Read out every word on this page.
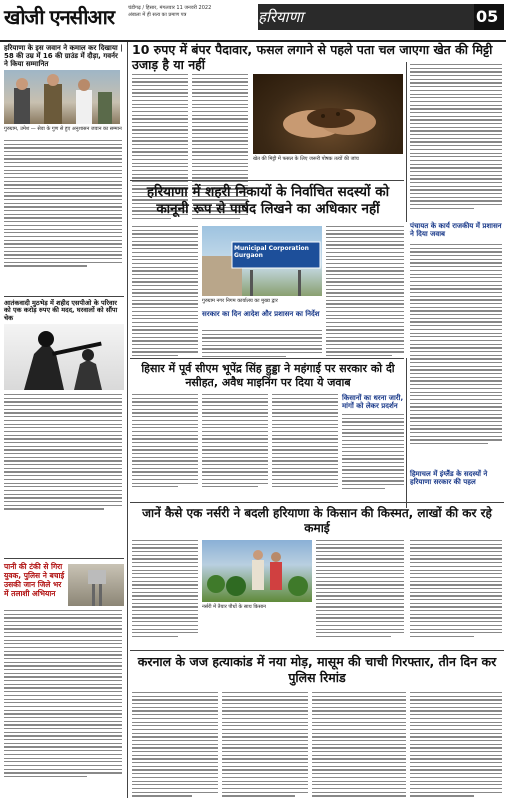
खोजी एनसीआर	चंडीगढ़ / हिसार, मंगलवार 11 जनवरी 2022
अंबाला में ही सत्य का प्रमाण पत्र	हरियाणा	05
हरियाणा के इस जवान ने कमाल कर दिखाया | 58 की उम्र में 16 की ग्राउंड में दौड़ा, गवर्नर ने किया सम्मानित
गुरुग्राम, उमेश — सेवा के गुण से हुए अनुशासन जवान का सम्मान
आतंकवादी मुठभेड़ में शहीद एसपीओ के परिवार को एक करोड़ रुपए की मदद, घरवालों को सौंपा चेक
पानी की टंकी से गिरा युवक, पुलिस ने बचाई उसकी जान जिले भर में तलाशी अभियान
10 रुपए में बंपर पैदावार, फसल लगाने से पहले पता चल जाएगा खेत की मिट्टी उजाड़ है या नहीं
खेत की मिट्टी में फसल के लिए जरूरी पोषक तत्वों की जांच
पंचायत के कार्य राजकीय में प्रशासन ने दिया जवाब
हरियाणा में शहरी निकायों के निर्वाचित सदस्यों को कानूनी रूप से पार्षद लिखने का अधिकार नहीं
Municipal Corporation Gurgaon
गुरुग्राम नगर निगम कार्यालय का मुख्य द्वार
सरकार का दिन आदेश और प्रशासन का निर्देश
हिसार में पूर्व सीएम भूपेंद्र सिंह हुड्डा ने महंगाई पर सरकार को दी नसीहत, अवैध माइनिंग पर दिया ये जवाब
किसानों का धरना जारी, मांगों को लेकर प्रदर्शन
हिमाचल में इंग्लैंड के सदस्यों ने हरियाणा सरकार की पहल
जानें कैसे एक नर्सरी ने बदली हरियाणा के किसान की किस्मत, लाखों की कर रहे कमाई
नर्सरी में तैयार पौधों के साथ किसान
करनाल के जज हत्याकांड में नया मोड़, मासूम की चाची गिरफ्तार, तीन दिन कर पुलिस रिमांड
